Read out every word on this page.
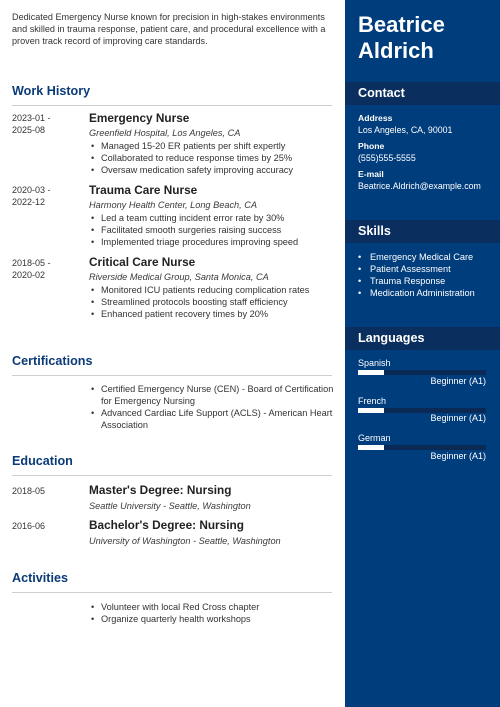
Dedicated Emergency Nurse known for precision in high-stakes environments and skilled in trauma response, patient care, and procedural excellence with a proven track record of improving care standards.

Work History
2023-01 -
2025-08
Emergency Nurse
Greenfield Hospital, Los Angeles, CA
• Managed 15-20 ER patients per shift expertly
• Collaborated to reduce response times by 25%
• Oversaw medication safety improving accuracy
2020-03 -
2022-12
Trauma Care Nurse
Harmony Health Center, Long Beach, CA
• Led a team cutting incident error rate by 30%
• Facilitated smooth surgeries raising success
• Implemented triage procedures improving speed
2018-05 -
2020-02
Critical Care Nurse
Riverside Medical Group, Santa Monica, CA
• Monitored ICU patients reducing complication rates
• Streamlined protocols boosting staff efficiency
• Enhanced patient recovery times by 20%
Certifications
• Certified Emergency Nurse (CEN) - Board of Certification for Emergency Nursing
• Advanced Cardiac Life Support (ACLS) - American Heart Association
Education
2018-05	Master's Degree: Nursing
Seattle University - Seattle, Washington
2016-06	Bachelor's Degree: Nursing
University of Washington - Seattle, Washington
Activities
• Volunteer with local Red Cross chapter
• Organize quarterly health workshops
Beatrice
Aldrich
Contact
Address
Los Angeles, CA, 90001
Phone
(555)555-5555
E-mail
Beatrice.Aldrich@example.com
Skills
• Emergency Medical Care
• Patient Assessment
• Trauma Response
• Medication Administration
Languages
Spanish
Beginner (A1)
French
Beginner (A1)
German
Beginner (A1)
